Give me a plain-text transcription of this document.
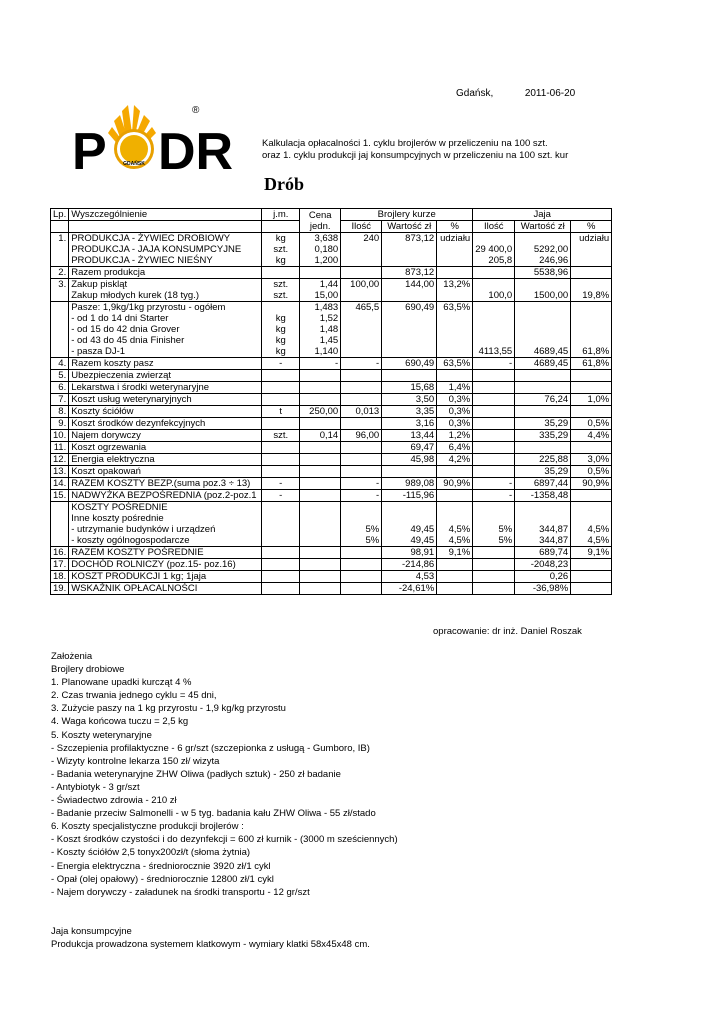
Gdańsk,	2011-06-20
GDAŃSK
P DR
®
Kalkulacja opłacalności 1. cyklu brojlerów w przeliczeniu na 100 szt.
oraz 1. cyklu produkcji jaj konsumpcyjnych w przeliczeniu na 100 szt. kur
Drób
Lp.	Wyszczególnienie	j.m.	Cena	Brojlery kurze			Jaja		
			jedn.	Ilość	Wartość zł	%	Ilość	Wartość zł	%
1.	PRODUKCJA - ŻYWIEC DROBIOWY	kg	3,638	240	873,12	udziału			udziału
	PRODUKCJA - JAJA KONSUMPCYJNE	szt.	0,180				29 400,0	5292,00	
	PRODUKCJA - ŻYWIEC NIEŚNY	kg	1,200				205,8	246,96	
2.	Razem produkcja				873,12			5538,96	
3.	Zakup piskląt	szt.	1,44	100,00	144,00	13,2%			
	Zakup młodych kurek (18 tyg.)	szt.	15,00				100,0	1500,00	19,8%
	Pasze: 1,9kg/1kg przyrostu - ogółem		1,483	465,5	690,49	63,5%			
	- od 1 do 14 dni Starter	kg	1,52						
	- od 15 do 42 dnia Grover	kg	1,48						
	- od 43 do 45 dnia Finisher	kg	1,45						
	- pasza DJ-1	kg	1,140				4113,55	4689,45	61,8%
4.	Razem koszty pasz	-	-	-	690,49	63,5%	-	4689,45	61,8%
5.	Ubezpieczenia zwierząt								
6.	Lekarstwa i środki weterynaryjne				15,68	1,4%			
7.	Koszt usług weterynaryjnych				3,50	0,3%		76,24	1,0%
8.	Koszty ściółów	t	250,00	0,013	3,35	0,3%			
9.	Koszt środków dezynfekcyjnych				3,16	0,3%		35,29	0,5%
10.	Najem dorywczy	szt.	0,14	96,00	13,44	1,2%		335,29	4,4%
11.	Koszt ogrzewania				69,47	6,4%			
12.	Energia elektryczna				45,98	4,2%		225,88	3,0%
13.	Koszt opakowań							35,29	0,5%
14.	RAZEM KOSZTY BEZP.(suma poz.3 ÷ 13)	-		-	989,08	90,9%	-	6897,44	90,9%
15.	NADWYŻKA BEZPOŚREDNIA (poz.2-poz.1	-		-	-115,96		-	-1358,48	
	KOSZTY POŚREDNIE								
	Inne koszty pośrednie								
	- utrzymanie budynków i urządzeń			5%	49,45	4,5%	5%	344,87	4,5%
	- koszty ogólnogospodarcze			5%	49,45	4,5%	5%	344,87	4,5%
16.	RAZEM KOSZTY POŚREDNIE				98,91	9,1%		689,74	9,1%
17.	DOCHÓD ROLNICZY (poz.15- poz.16)				-214,86			-2048,23	
18.	KOSZT PRODUKCJI 1 kg; 1jaja				4,53			0,26	
19.	WSKAŹNIK OPŁACALNOŚCI				-24,61%			-36,98%	
opracowanie: dr inż. Daniel Roszak
Założenia
Brojlery drobiowe
1. Planowane upadki kurcząt 4 %
2. Czas trwania jednego cyklu = 45 dni,
3. Zużycie paszy na 1 kg przyrostu - 1,9 kg/kg przyrostu
4. Waga końcowa tuczu = 2,5 kg
5. Koszty weterynaryjne
- Szczepienia profilaktyczne - 6 gr/szt (szczepionka z usługą - Gumboro, IB)
- Wizyty kontrolne lekarza 150 zł/ wizyta
- Badania weterynaryjne ZHW Oliwa (padłych sztuk) - 250 zł badanie
- Antybiotyk - 3 gr/szt
- Świadectwo zdrowia - 210 zł
- Badanie przeciw Salmonelli - w 5 tyg. badania kału ZHW Oliwa - 55 zł/stado
6. Koszty specjalistyczne produkcji brojlerów :
- Koszt środków czystości i do dezynfekcji = 600 zł kurnik - (3000 m sześciennych)
- Koszty ściółów 2,5 tonyx200zł/t (słoma żytnia)
- Energia elektryczna - średniorocznie 3920 zł/1 cykl
- Opał (olej opałowy) - średniorocznie 12800 zł/1 cykl
- Najem dorywczy - załadunek na środki transportu - 12 gr/szt
Jaja konsumpcyjne
Produkcja prowadzona systemem klatkowym - wymiary klatki 58x45x48 cm.
